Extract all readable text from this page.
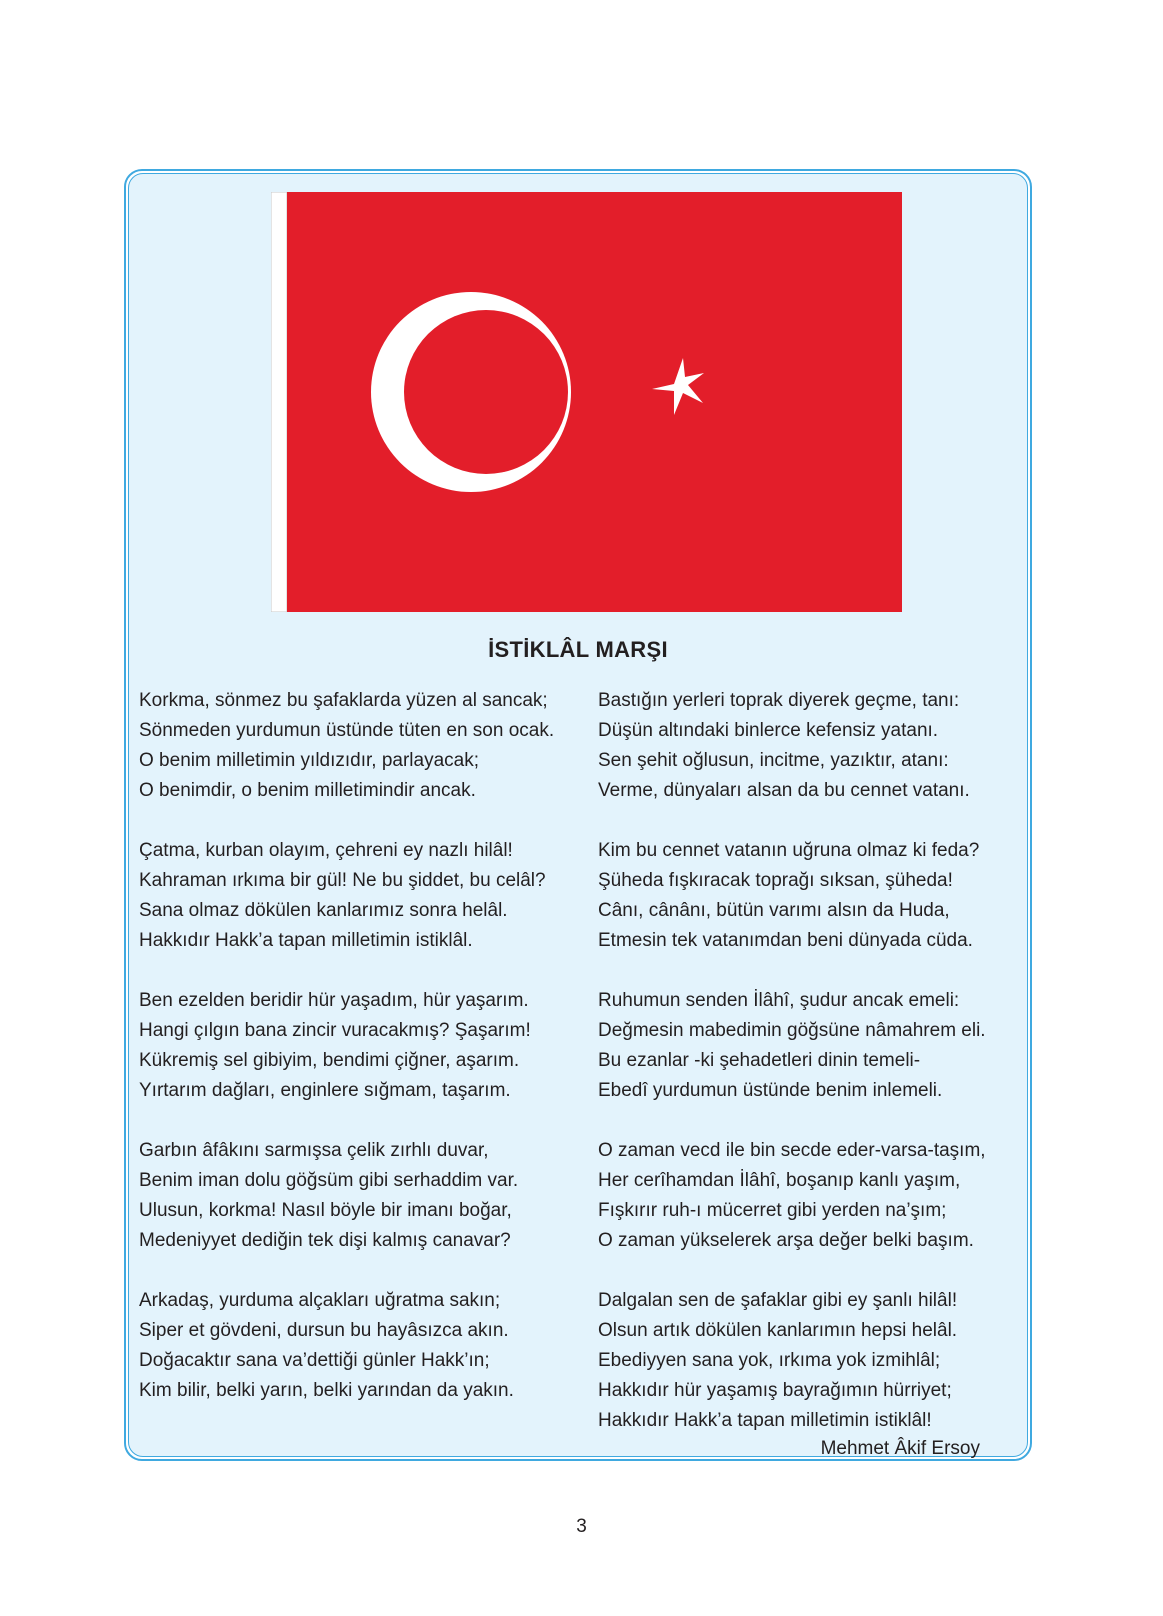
İSTİKLÂL MARŞI
Korkma, sönmez bu şafaklarda yüzen al sancak;
Sönmeden yurdumun üstünde tüten en son ocak.
O benim milletimin yıldızıdır, parlayacak;
O benimdir, o benim milletimindir ancak.
Çatma, kurban olayım, çehreni ey nazlı hilâl!
Kahraman ırkıma bir gül! Ne bu şiddet, bu celâl?
Sana olmaz dökülen kanlarımız sonra helâl.
Hakkıdır Hakk’a tapan milletimin istiklâl.
Ben ezelden beridir hür yaşadım, hür yaşarım.
Hangi çılgın bana zincir vuracakmış? Şaşarım!
Kükremiş sel gibiyim, bendimi çiğner, aşarım.
Yırtarım dağları, enginlere sığmam, taşarım.
Garbın âfâkını sarmışsa çelik zırhlı duvar,
Benim iman dolu göğsüm gibi serhaddim var.
Ulusun, korkma! Nasıl böyle bir imanı boğar,
Medeniyyet dediğin tek dişi kalmış canavar?
Arkadaş, yurduma alçakları uğratma sakın;
Siper et gövdeni, dursun bu hayâsızca akın.
Doğacaktır sana va’dettiği günler Hakk’ın;
Kim bilir, belki yarın, belki yarından da yakın.
Bastığın yerleri toprak diyerek geçme, tanı:
Düşün altındaki binlerce kefensiz yatanı.
Sen şehit oğlusun, incitme, yazıktır, atanı:
Verme, dünyaları alsan da bu cennet vatanı.
Kim bu cennet vatanın uğruna olmaz ki feda?
Şüheda fışkıracak toprağı sıksan, şüheda!
Cânı, cânânı, bütün varımı alsın da Huda,
Etmesin tek vatanımdan beni dünyada cüda.
Ruhumun senden İlâhî, şudur ancak emeli:
Değmesin mabedimin göğsüne nâmahrem eli.
Bu ezanlar -ki şehadetleri dinin temeli-
Ebedî yurdumun üstünde benim inlemeli.
O zaman vecd ile bin secde eder-varsa-taşım,
Her cerîhamdan İlâhî, boşanıp kanlı yaşım,
Fışkırır ruh-ı mücerret gibi yerden na’şım;
O zaman yükselerek arşa değer belki başım.
Dalgalan sen de şafaklar gibi ey şanlı hilâl!
Olsun artık dökülen kanlarımın hepsi helâl.
Ebediyyen sana yok, ırkıma yok izmihlâl;
Hakkıdır hür yaşamış bayrağımın hürriyet;
Hakkıdır Hakk’a tapan milletimin istiklâl!
Mehmet Âkif Ersoy
3
